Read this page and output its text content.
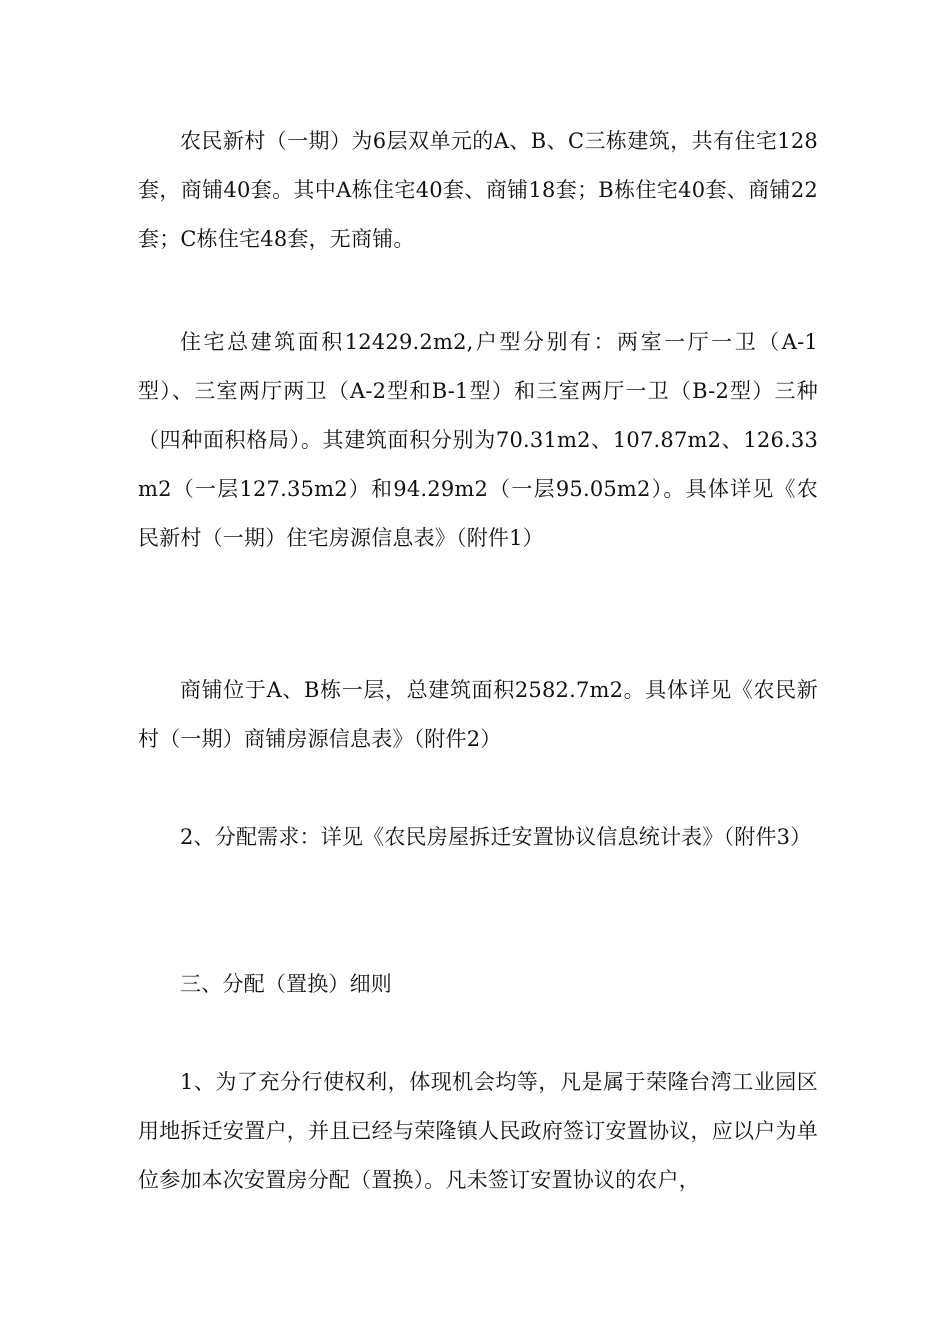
农民新村（一期）为6层双单元的A、B、C三栋建筑，共有住宅128套，商铺40套。其中A栋住宅40套、商铺18套；B栋住宅40套、商铺22套；C栋住宅48套，无商铺。

住宅总建筑面积12429.2m2,户型分别有：两室一厅一卫（A-1型）、三室两厅两卫（A-2型和B-1型）和三室两厅一卫（B-2型）三种（四种面积格局）。其建筑面积分别为70.31m2、107.87m2、126.33m2（一层127.35m2）和94.29m2（一层95.05m2）。具体详见《农民新村（一期）住宅房源信息表》（附件1）

商铺位于A、B栋一层，总建筑面积2582.7m2。具体详见《农民新村（一期）商铺房源信息表》（附件2）

2、分配需求：详见《农民房屋拆迁安置协议信息统计表》（附件3）

三、分配（置换）细则

1、为了充分行使权利，体现机会均等，凡是属于荣隆台湾工业园区用地拆迁安置户，并且已经与荣隆镇人民政府签订安置协议，应以户为单位参加本次安置房分配（置换）。凡未签订安置协议的农户，
